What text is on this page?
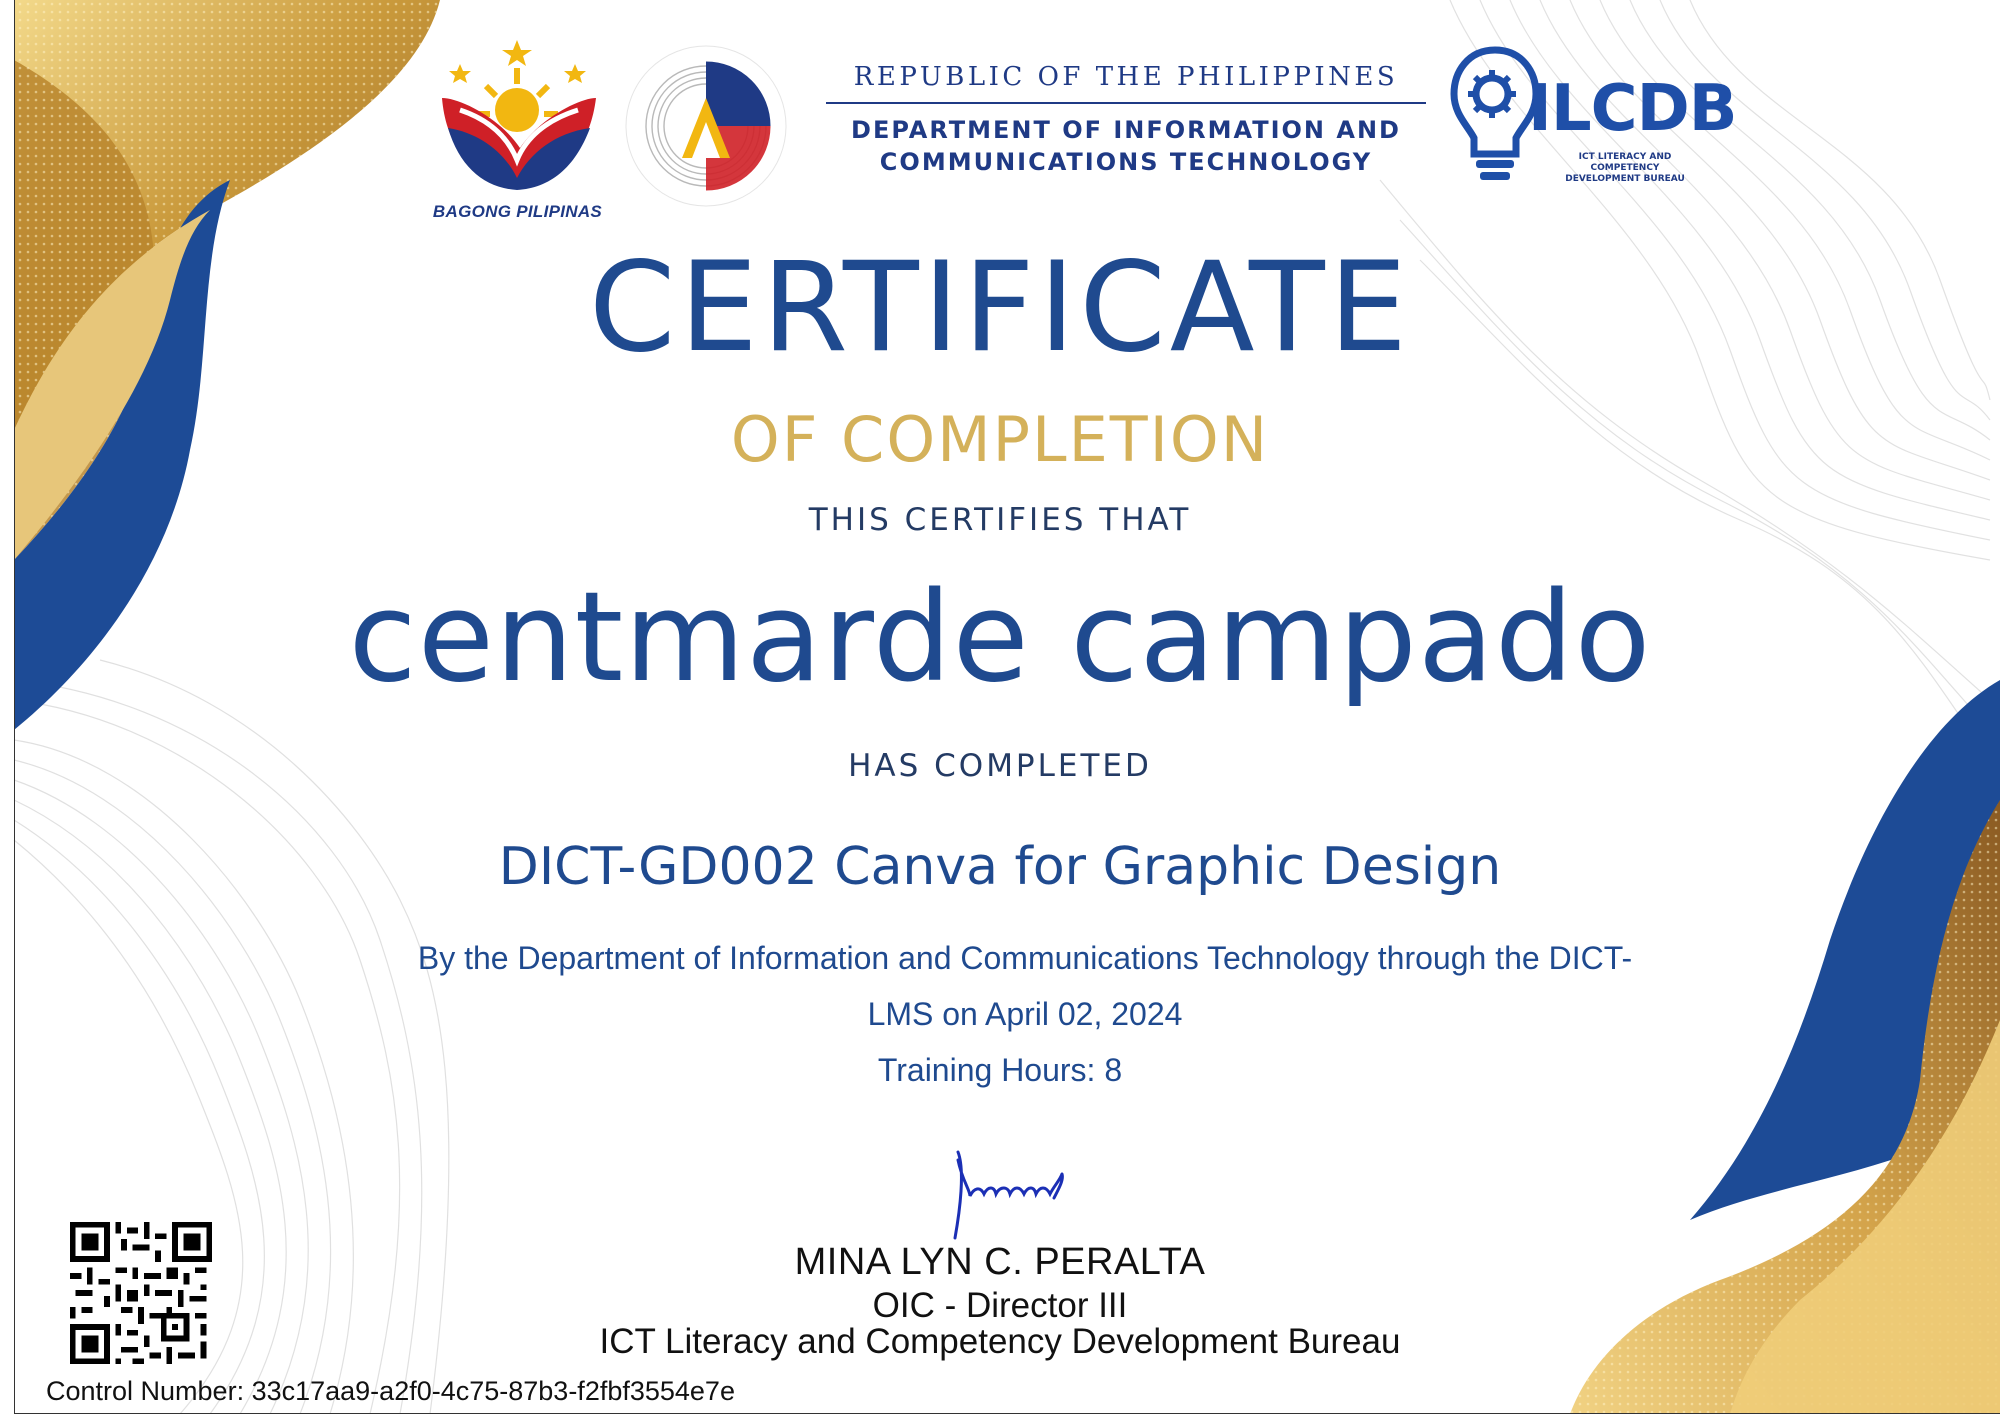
BAGONG PILIPINAS
REPUBLIC OF THE PHILIPPINES
DEPARTMENT OF INFORMATION AND
COMMUNICATIONS TECHNOLOGY
ILCDB
ICT LITERACY AND COMPETENCY
DEVELOPMENT BUREAU
CERTIFICATE
OF COMPLETION
THIS CERTIFIES THAT
centmarde campado
HAS COMPLETED
DICT-GD002 Canva for Graphic Design
By the Department of Information and Communications Technology through the DICT-
LMS on April 02, 2024
Training Hours: 8
MINA LYN C. PERALTA
OIC - Director III
ICT Literacy and Competency Development Bureau
Control Number: 33c17aa9-a2f0-4c75-87b3-f2fbf3554e7e
